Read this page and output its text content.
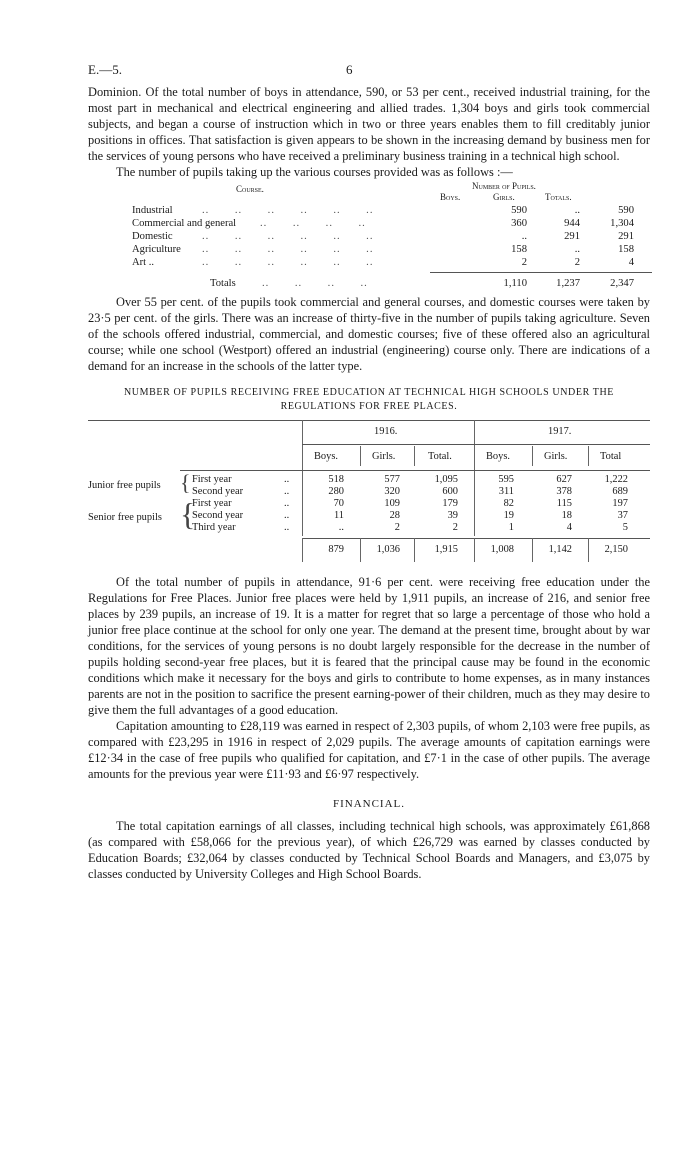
E.—5.	6

Dominion. Of the total number of boys in attendance, 590, or 53 per cent., received industrial training, for the most part in mechanical and electrical engineering and allied trades. 1,304 boys and girls took commercial subjects, and began a course of instruction which in two or three years enables them to fill creditably junior positions in offices. That satisfaction is given appears to be shown in the increasing demand by business men for the services of young persons who have received a preliminary business training in a technical high school.

The number of pupils taking up the various courses provided was as follows :—

Course.	Number of Pupils.
Boys.	Girls.	Totals.
Industrial	..       ..       ..       ..       ..       ..	590	..	590
Commercial and general ..       ..       ..       ..	360	944	1,304
Domestic	..       ..       ..       ..       ..       ..	..	291	291
Agriculture ..       ..       ..       ..       ..       ..	158	..	158
Art ..	..       ..       ..       ..       ..       ..	2	2	4
Totals ..       ..       ..       ..	1,110	1,237	2,347

Over 55 per cent. of the pupils took commercial and general courses, and domestic courses were taken by 23·5 per cent. of the girls. There was an increase of thirty-five in the number of pupils taking agriculture. Seven of the schools offered industrial, commercial, and domestic courses; five of these offered also an agricultural course; while one school (Westport) offered an industrial (engineering) course only. There are indications of a demand for an increase in the schools of the latter type.

NUMBER OF PUPILS RECEIVING FREE EDUCATION AT TECHNICAL HIGH SCHOOLS UNDER THE
REGULATIONS FOR FREE PLACES.
1916.	1917.
Boys.	Girls.	Total.	Boys.	Girls.	Total
Junior free pupils {
Senior free pupils {
First year	..	518	577	1,095	595	627	1,222
Second year	..	280	320	600	311	378	689
First year	..	70	109	179	82	115	197
Second year	..	11	28	39	19	18	37
Third year	..	..	2	2	1	4	5
879	1,036	1,915	1,008	1,142	2,150

Of the total number of pupils in attendance, 91·6 per cent. were receiving free education under the Regulations for Free Places. Junior free places were held by 1,911 pupils, an increase of 216, and senior free places by 239 pupils, an increase of 19. It is a matter for regret that so large a percentage of those who hold a junior free place continue at the school for only one year. The demand at the present time, brought about by war conditions, for the services of young persons is no doubt largely responsible for the decrease in the number of pupils holding second-year free places, but it is feared that the principal cause may be found in the economic conditions which make it necessary for the boys and girls to contribute to home expenses, as in many instances parents are not in the position to sacrifice the present earning-power of their children, much as they may desire to give them the full advantages of a good education.

Capitation amounting to £28,119 was earned in respect of 2,303 pupils, of whom 2,103 were free pupils, as compared with £23,295 in 1916 in respect of 2,029 pupils. The average amounts of capitation earnings were £12·34 in the case of free pupils who qualified for capitation, and £7·1 in the case of other pupils. The average amounts for the previous year were £11·93 and £6·97 respectively.

FINANCIAL.

The total capitation earnings of all classes, including technical high schools, was approximately £61,868 (as compared with £58,066 for the previous year), of which £26,729 was earned by classes conducted by Education Boards; £32,064 by classes conducted by Technical School Boards and Managers, and £3,075 by classes conducted by University Colleges and High School Boards.
